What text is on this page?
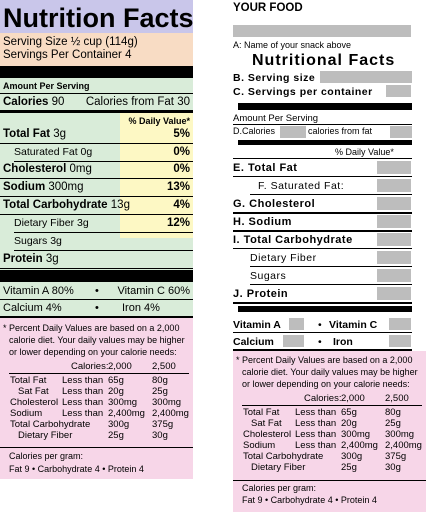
Nutrition Facts
Serving Size ½ cup (114g)
Servings Per Container 4
Amount Per Serving
Calories 90 Calories from Fat 30
% Daily Value*
Total Fat 3g	5%
Saturated Fat 0g	0%
Cholesterol 0mg	0%
Sodium 300mg	13%
Total Carbohydrate 13g	4%
Dietary Fiber 3g	12%
Sugars 3g
Protein 3g
Vitamin A 80% • Vitamin C 60%
Calcium 4%	• Iron 4%
* Percent Daily Values are based on a 2,000
calorie diet. Your daily values may be higher
or lower depending on your calorie needs:
Calories: 2,000 2,500
Total Fat Less than 65g	80g
Sat Fat Less than 20g	25g
Cholesterol Less than 300mg 300mg
Sodium Less than 2,400mg 2,400mg
Total Carbohydrate 300g 375g
Dietary Fiber	25g	30g
Calories per gram:
Fat 9 • Carbohydrate 4 • Protein 4
YOUR FOOD
A: Name of your snack above
Nutritional Facts
B. Serving size
C. Servings per container
Amount Per Serving
D.Calories	calories from fat
% Daily Value*
E. Total Fat
F. Saturated Fat:
G. Cholesterol
H. Sodium
I. Total Carbohydrate
Dietary Fiber
Sugars
J. Protein
Vitamin A	• Vitamin C
Calcium	• Iron
* Percent Daily Values are based on a 2,000
calorie diet. Your daily values may be higher
or lower depending on your calorie needs:
Calories: 2,000 2,500
Total Fat Less than 65g	80g
Sat Fat Less than 20g	25g
Cholesterol Less than 300mg 300mg
Sodium Less than 2,400mg 2,400mg
Total Carbohydrate 300g 375g
Dietary Fiber	25g	30g
Calories per gram:
Fat 9 • Carbohydrate 4 • Protein 4
